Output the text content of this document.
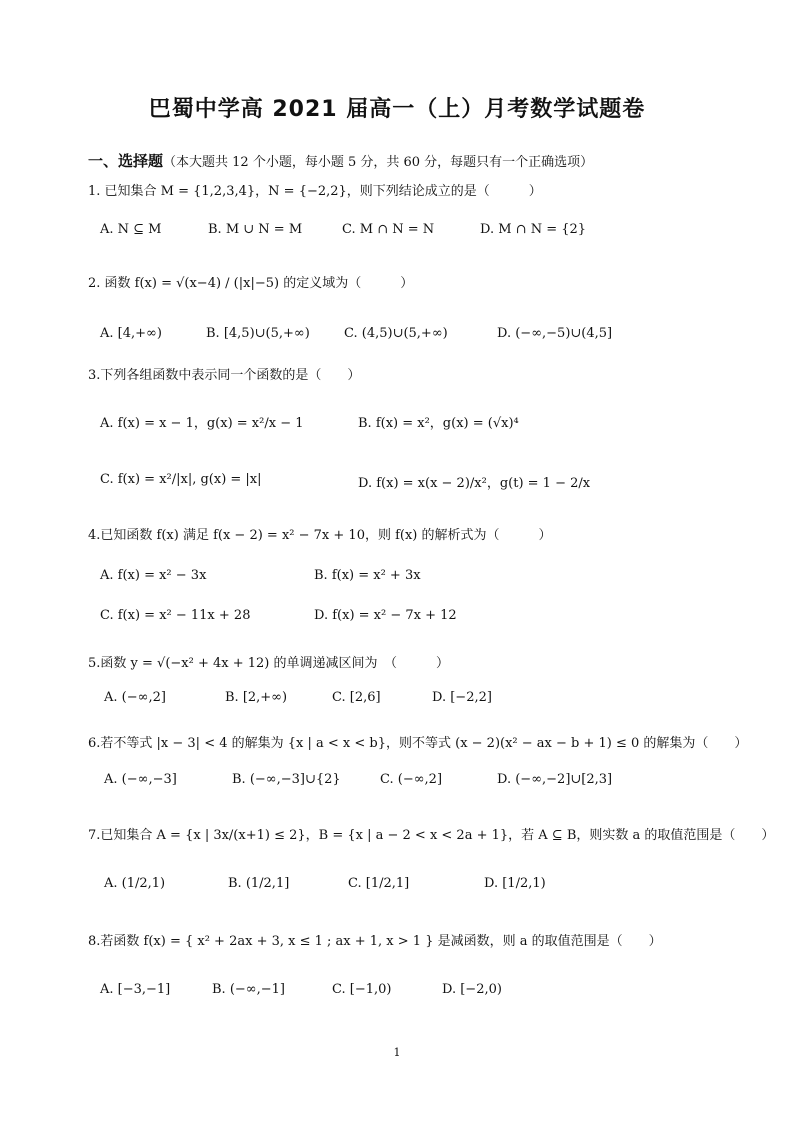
巴蜀中学高 2021 届高一（上）月考数学试题卷
一、选择题（本大题共 12 个小题，每小题 5 分，共 60 分，每题只有一个正确选项）
1. 已知集合 M = {1,2,3,4}，N = {−2,2}，则下列结论成立的是（　　　）
A. N ⊆ M	B. M ∪ N = M	C. M ∩ N = N	D. M ∩ N = {2}
2. 函数 f(x) = √(x−4) / (|x|−5) 的定义域为（　　　）
A. [4,+∞)	B. [4,5)∪(5,+∞)	C. (4,5)∪(5,+∞)	D. (−∞,−5)∪(4,5]
3.下列各组函数中表示同一个函数的是（　　）
A. f(x) = x − 1，g(x) = x²/x − 1	B. f(x) = x²，g(x) = (√x)⁴
C. f(x) = x²/|x|, g(x) = |x|	D. f(x) = x(x − 2)/x²，g(t) = 1 − 2/x
4.已知函数 f(x) 满足 f(x − 2) = x² − 7x + 10，则 f(x) 的解析式为（　　　）
A. f(x) = x² − 3x	B. f(x) = x² + 3x
C. f(x) = x² − 11x + 28	D. f(x) = x² − 7x + 12
5.函数 y = √(−x² + 4x + 12) 的单调递减区间为　（　　　）
A. (−∞,2]	B. [2,+∞)	C. [2,6]	D. [−2,2]
6.若不等式 |x − 3| < 4 的解集为 {x | a < x < b}，则不等式 (x − 2)(x² − ax − b + 1) ≤ 0 的解集为（　　）
A. (−∞,−3]	B. (−∞,−3]∪{2}	C. (−∞,2]	D. (−∞,−2]∪[2,3]
7.已知集合 A = {x | 3x/(x+1) ≤ 2}，B = {x | a − 2 < x < 2a + 1}，若 A ⊆ B，则实数 a 的取值范围是（　　）
A. (1/2,1)	B. (1/2,1]	C. [1/2,1]	D. [1/2,1)
8.若函数 f(x) = { x² + 2ax + 3, x ≤ 1 ; ax + 1, x > 1 } 是减函数，则 a 的取值范围是（　　）
A. [−3,−1]	B. (−∞,−1]	C. [−1,0)	D. [−2,0)
1
